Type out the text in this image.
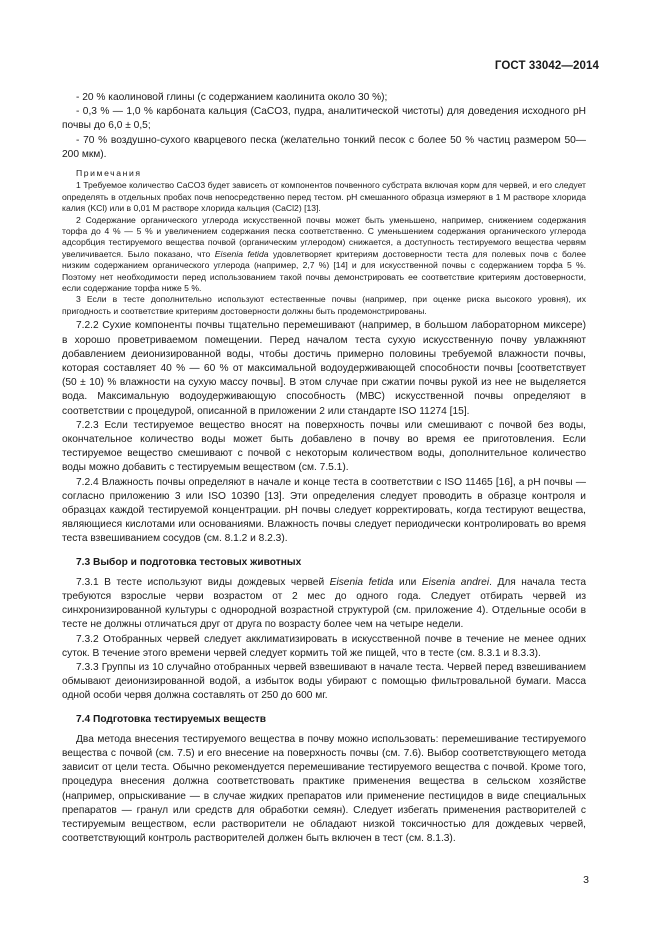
ГОСТ 33042—2014

- 20 % каолиновой глины (с содержанием каолинита около 30 %);

- 0,3 % — 1,0 % карбоната кальция (CaCO3, пудра, аналитической чистоты) для доведения исходного pH почвы до 6,0 ± 0,5;

- 70 % воздушно-сухого кварцевого песка (желательно тонкий песок с более 50 % частиц размером 50—200 мкм).

Примечания

1 Требуемое количество CaCO3 будет зависеть от компонентов почвенного субстрата включая корм для червей, и его следует определять в отдельных пробах почв непосредственно перед тестом. pH смешанного образца измеряют в 1 М растворе хлорида калия (KCl) или в 0,01 М растворе хлорида кальция (CaCl2) [13].

2 Содержание органического углерода искусственной почвы может быть уменьшено, например, снижением содержания торфа до 4 % — 5 % и увеличением содержания песка соответственно. С уменьшением содержания органического углерода адсорбция тестируемого вещества почвой (органическим углеродом) снижается, а доступность тестируемого вещества червям увеличивается. Было показано, что Eisenia fetida удовлетворяет критериям достоверности теста для полевых почв с более низким содержанием органического углерода (например, 2,7 %) [14] и для искусственной почвы с содержанием торфа 5 %. Поэтому нет необходимости перед использованием такой почвы демонстрировать ее соответствие критериям достоверности, если содержание торфа ниже 5 %.

3 Если в тесте дополнительно используют естественные почвы (например, при оценке риска высокого уровня), их пригодность и соответствие критериям достоверности должны быть продемонстрированы.

7.2.2 Сухие компоненты почвы тщательно перемешивают (например, в большом лабораторном миксере) в хорошо проветриваемом помещении. Перед началом теста сухую искусственную почву увлажняют добавлением деионизированной воды, чтобы достичь примерно половины требуемой влажности почвы, которая составляет 40 % — 60 % от максимальной водоудерживающей способности почвы [соответствует (50 ± 10) % влажности на сухую массу почвы]. В этом случае при сжатии почвы рукой из нее не выделяется вода. Максимальную водоудерживающую способность (МВС) искусственной почвы определяют в соответствии с процедурой, описанной в приложении 2 или стандарте ISO 11274 [15].

7.2.3 Если тестируемое вещество вносят на поверхность почвы или смешивают с почвой без воды, окончательное количество воды может быть добавлено в почву во время ее приготовления. Если тестируемое вещество смешивают с почвой с некоторым количеством воды, дополнительное количество воды можно добавить с тестируемым веществом (см. 7.5.1).

7.2.4 Влажность почвы определяют в начале и конце теста в соответствии с ISO 11465 [16], а pH почвы — согласно приложению 3 или ISO 10390 [13]. Эти определения следует проводить в образце контроля и образцах каждой тестируемой концентрации. pH почвы следует корректировать, когда тестируют вещества, являющиеся кислотами или основаниями. Влажность почвы следует периодически контролировать во время теста взвешиванием сосудов (см. 8.1.2 и 8.2.3).

7.3 Выбор и подготовка тестовых животных

7.3.1 В тесте используют виды дождевых червей Eisenia fetida или Eisenia andrei. Для начала теста требуются взрослые черви возрастом от 2 мес до одного года. Следует отбирать червей из синхронизированной культуры с однородной возрастной структурой (см. приложение 4). Отдельные особи в тесте не должны отличаться друг от друга по возрасту более чем на четыре недели.

7.3.2 Отобранных червей следует акклиматизировать в искусственной почве в течение не менее одних суток. В течение этого времени червей следует кормить той же пищей, что в тесте (см. 8.3.1 и 8.3.3).

7.3.3 Группы из 10 случайно отобранных червей взвешивают в начале теста. Червей перед взвешиванием обмывают деионизированной водой, а избыток воды убирают с помощью фильтровальной бумаги. Масса одной особи червя должна составлять от 250 до 600 мг.

7.4 Подготовка тестируемых веществ

Два метода внесения тестируемого вещества в почву можно использовать: перемешивание тестируемого вещества с почвой (см. 7.5) и его внесение на поверхность почвы (см. 7.6). Выбор соответствующего метода зависит от цели теста. Обычно рекомендуется перемешивание тестируемого вещества с почвой. Кроме того, процедура внесения должна соответствовать практике применения вещества в сельском хозяйстве (например, опрыскивание — в случае жидких препаратов или применение пестицидов в виде специальных препаратов — гранул или средств для обработки семян). Следует избегать применения растворителей с тестируемым веществом, если растворители не обладают низкой токсичностью для дождевых червей, соответствующий контроль растворителей должен быть включен в тест (см. 8.1.3).

3
